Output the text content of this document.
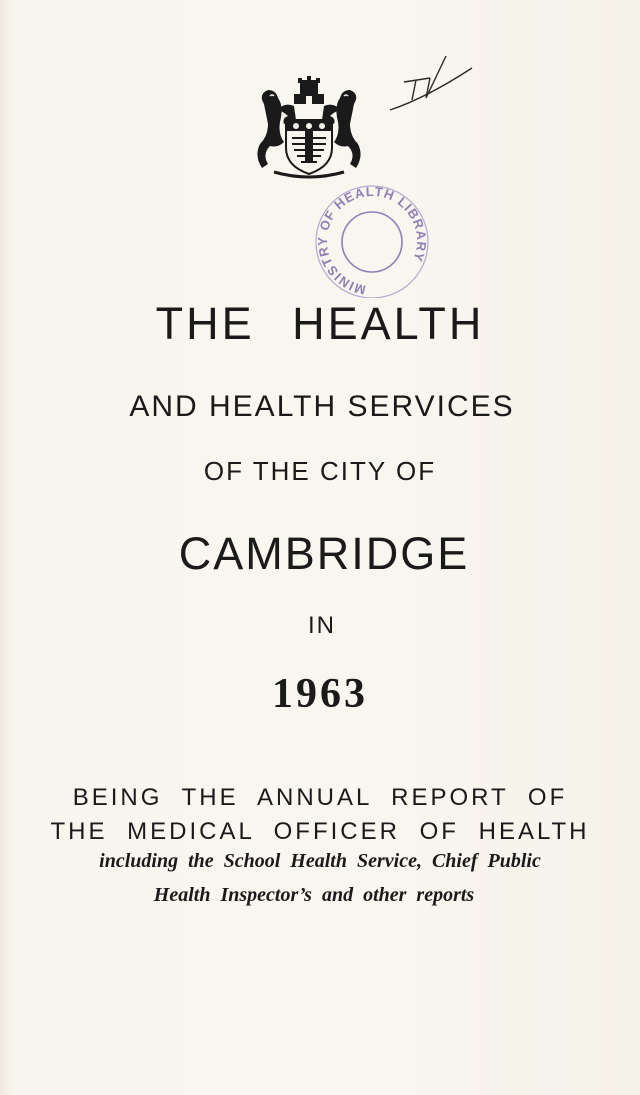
MINISTRY OF HEALTH LIBRARY
THE HEALTH
AND HEALTH SERVICES
OF THE CITY OF
CAMBRIDGE
IN
1963
BEING THE ANNUAL REPORT OF
THE MEDICAL OFFICER OF HEALTH
including the School Health Service, Chief Public
Health Inspector’s and other reports
